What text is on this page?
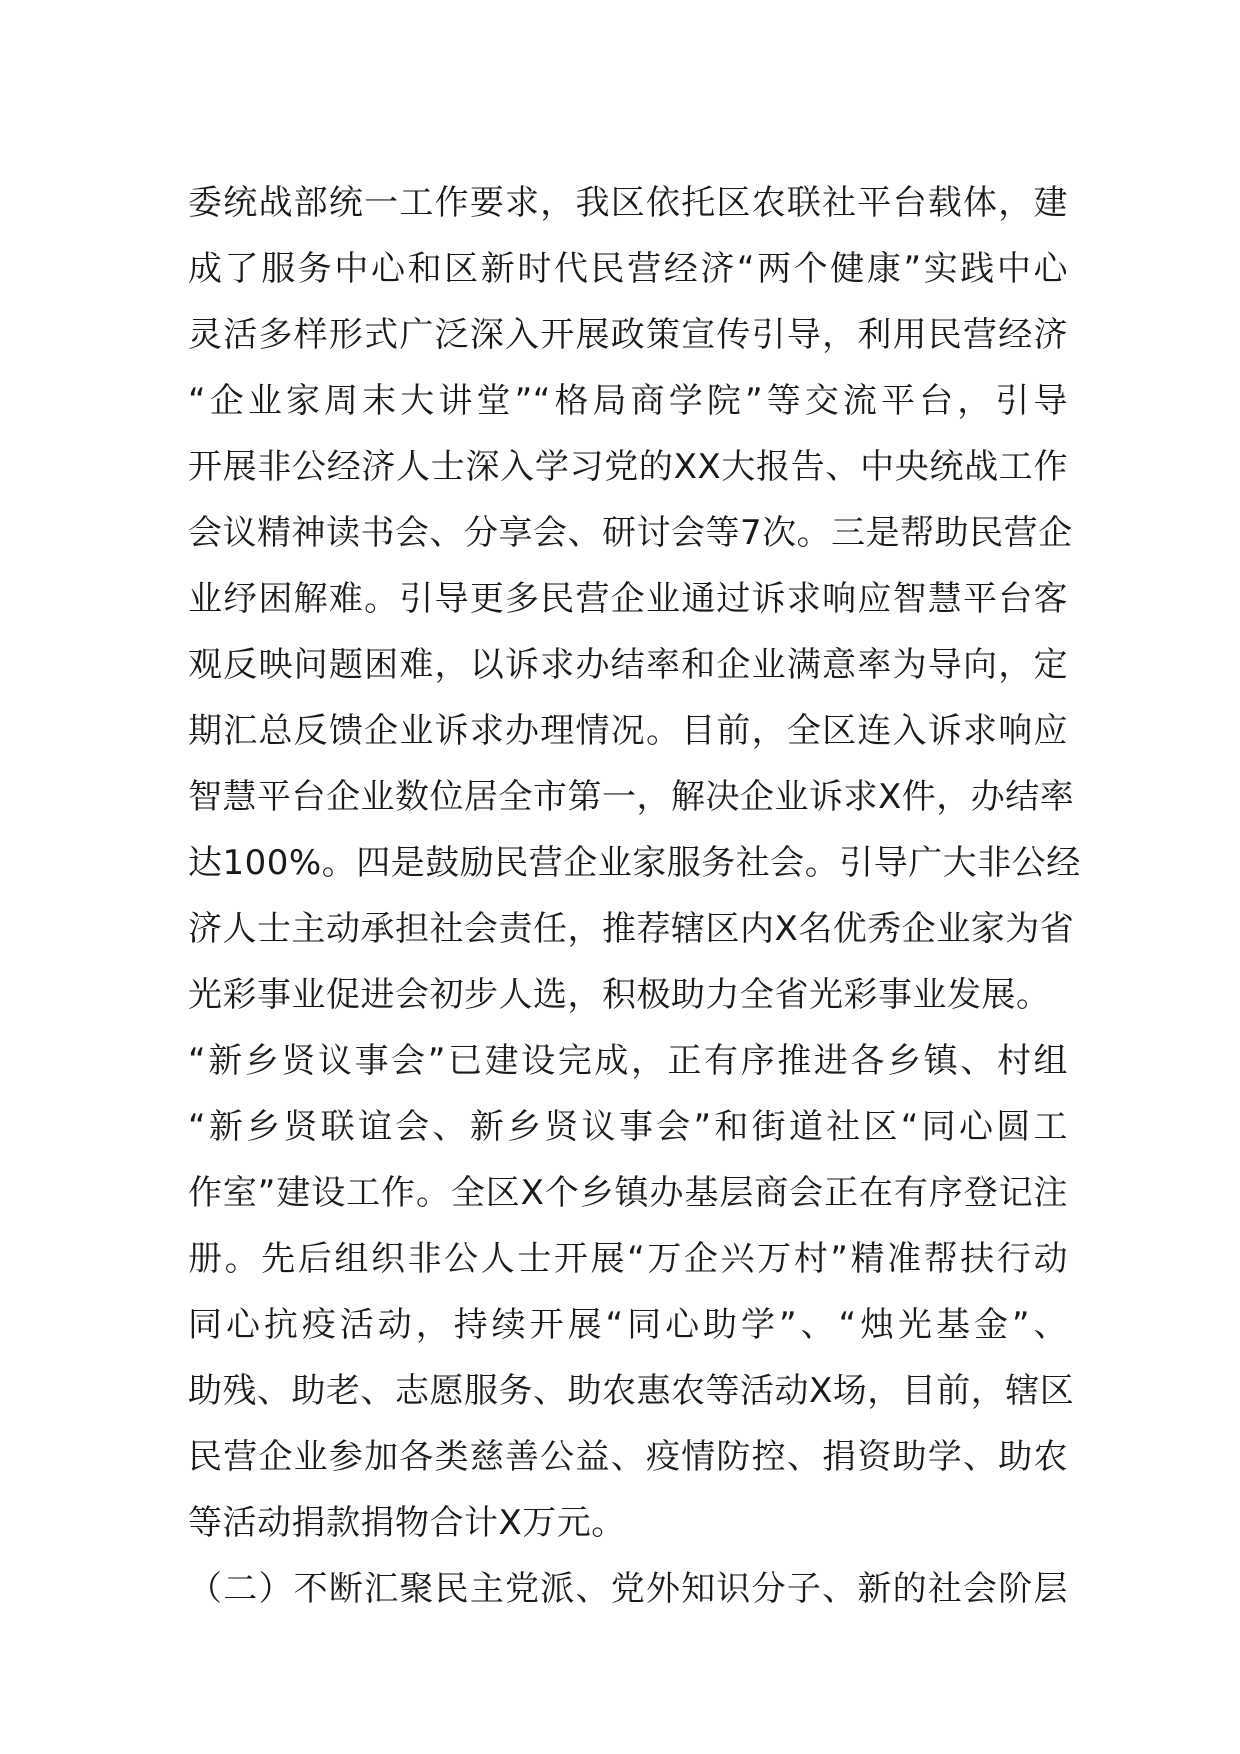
委统战部统一工作要求，我区依托区农联社平台载体，建
成了服务中心和区新时代民营经济“两个健康”实践中心
灵活多样形式广泛深入开展政策宣传引导，利用民营经济
“企业家周末大讲堂”“格局商学院”等交流平台，引导
开展非公经济人士深入学习党的XX大报告、中央统战工作
会议精神读书会、分享会、研讨会等7次。三是帮助民营企
业纾困解难。引导更多民营企业通过诉求响应智慧平台客
观反映问题困难，以诉求办结率和企业满意率为导向，定
期汇总反馈企业诉求办理情况。目前，全区连入诉求响应
智慧平台企业数位居全市第一，解决企业诉求X件，办结率
达100%。四是鼓励民营企业家服务社会。引导广大非公经
济人士主动承担社会责任，推荐辖区内X名优秀企业家为省
光彩事业促进会初步人选，积极助力全省光彩事业发展。
“新乡贤议事会”已建设完成，正有序推进各乡镇、村组
“新乡贤联谊会、新乡贤议事会”和街道社区“同心圆工
作室”建设工作。全区X个乡镇办基层商会正在有序登记注
册。先后组织非公人士开展“万企兴万村”精准帮扶行动
同心抗疫活动，持续开展“同心助学”、“烛光基金”、
助残、助老、志愿服务、助农惠农等活动X场，目前，辖区
民营企业参加各类慈善公益、疫情防控、捐资助学、助农
等活动捐款捐物合计X万元。
（二）不断汇聚民主党派、党外知识分子、新的社会阶层
